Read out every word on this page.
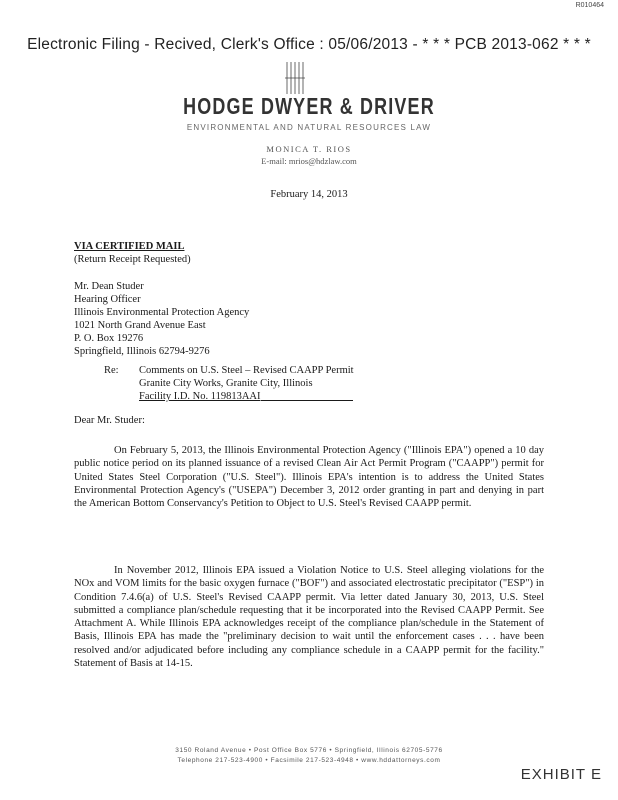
R010464
Electronic Filing - Recived, Clerk's Office : 05/06/2013 - * * * PCB 2013-062 * * *
HODGE DWYER & DRIVER
ENVIRONMENTAL AND NATURAL RESOURCES LAW
MONICA T. RIOS
E-mail: mrios@hdzlaw.com
February 14, 2013
VIA CERTIFIED MAIL
(Return Receipt Requested)
Mr. Dean Studer
Hearing Officer
Illinois Environmental Protection Agency
1021 North Grand Avenue East
P. O. Box 19276
Springfield, Illinois 62794-9276
Re: Comments on U.S. Steel – Revised CAAPP Permit
Granite City Works, Granite City, Illinois
Facility I.D. No. 119813AAI
Dear Mr. Studer:

On February 5, 2013, the Illinois Environmental Protection Agency ("Illinois EPA") opened a 10 day public notice period on its planned issuance of a revised Clean Air Act Permit Program ("CAAPP") permit for United States Steel Corporation ("U.S. Steel"). Illinois EPA's intention is to address the United States Environmental Protection Agency's ("USEPA") December 3, 2012 order granting in part and denying in part the American Bottom Conservancy's Petition to Object to U.S. Steel's Revised CAAPP permit.

In November 2012, Illinois EPA issued a Violation Notice to U.S. Steel alleging violations for the NOx and VOM limits for the basic oxygen furnace ("BOF") and associated electrostatic precipitator ("ESP") in Condition 7.4.6(a) of U.S. Steel's Revised CAAPP permit. Via letter dated January 30, 2013, U.S. Steel submitted a compliance plan/schedule requesting that it be incorporated into the Revised CAAPP Permit. See Attachment A. While Illinois EPA acknowledges receipt of the compliance plan/schedule in the Statement of Basis, Illinois EPA has made the "preliminary decision to wait until the enforcement cases . . . have been resolved and/or adjudicated before including any compliance schedule in a CAAPP permit for the facility." Statement of Basis at 14-15.

3150 Roland Avenue • Post Office Box 5776 • Springfield, Illinois 62705-5776
Telephone 217-523-4900 • Facsimile 217-523-4948 • www.hddattorneys.com
EXHIBIT E
